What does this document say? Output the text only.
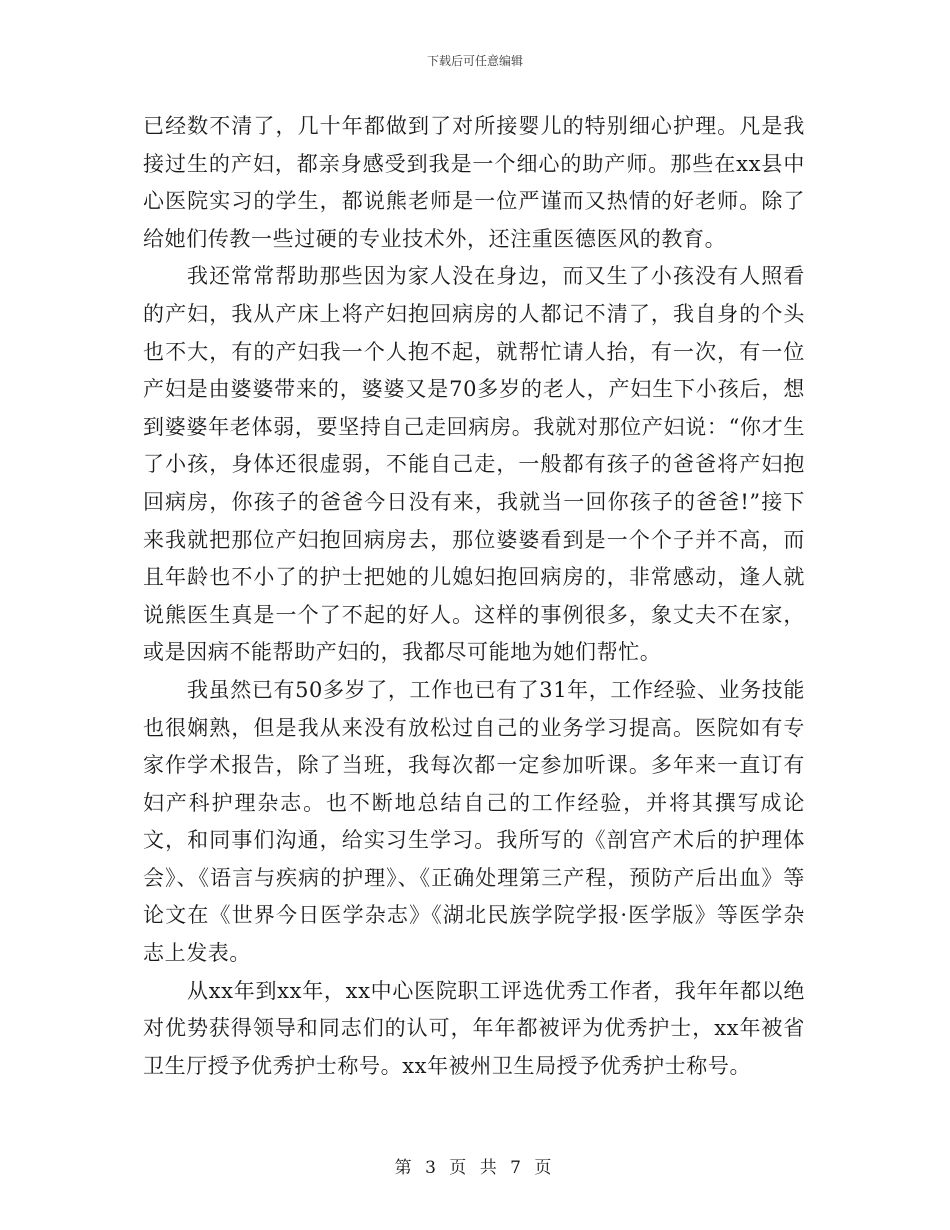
下载后可任意编辑

已经数不清了，几十年都做到了对所接婴儿的特别细心护理。凡是我接过生的产妇，都亲身感受到我是一个细心的助产师。那些在xx县中心医院实习的学生，都说熊老师是一位严谨而又热情的好老师。除了给她们传教一些过硬的专业技术外，还注重医德医风的教育。

我还常常帮助那些因为家人没在身边，而又生了小孩没有人照看的产妇，我从产床上将产妇抱回病房的人都记不清了，我自身的个头也不大，有的产妇我一个人抱不起，就帮忙请人抬，有一次，有一位产妇是由婆婆带来的，婆婆又是70多岁的老人，产妇生下小孩后，想到婆婆年老体弱，要坚持自己走回病房。我就对那位产妇说：“你才生了小孩，身体还很虚弱，不能自己走，一般都有孩子的爸爸将产妇抱回病房，你孩子的爸爸今日没有来，我就当一回你孩子的爸爸!”接下来我就把那位产妇抱回病房去，那位婆婆看到是一个个子并不高，而且年龄也不小了的护士把她的儿媳妇抱回病房的，非常感动，逢人就说熊医生真是一个了不起的好人。这样的事例很多，象丈夫不在家，或是因病不能帮助产妇的，我都尽可能地为她们帮忙。

我虽然已有50多岁了，工作也已有了31年，工作经验、业务技能也很娴熟，但是我从来没有放松过自己的业务学习提高。医院如有专家作学术报告，除了当班，我每次都一定参加听课。多年来一直订有妇产科护理杂志。也不断地总结自己的工作经验，并将其撰写成论文，和同事们沟通，给实习生学习。我所写的《剖宫产术后的护理体会》、《语言与疾病的护理》、《正确处理第三产程，预防产后出血》等论文在《世界今日医学杂志》《湖北民族学院学报·医学版》等医学杂志上发表。

从xx年到xx年，xx中心医院职工评选优秀工作者，我年年都以绝对优势获得领导和同志们的认可，年年都被评为优秀护士，xx年被省卫生厅授予优秀护士称号。xx年被州卫生局授予优秀护士称号。

第 3 页 共 7 页
